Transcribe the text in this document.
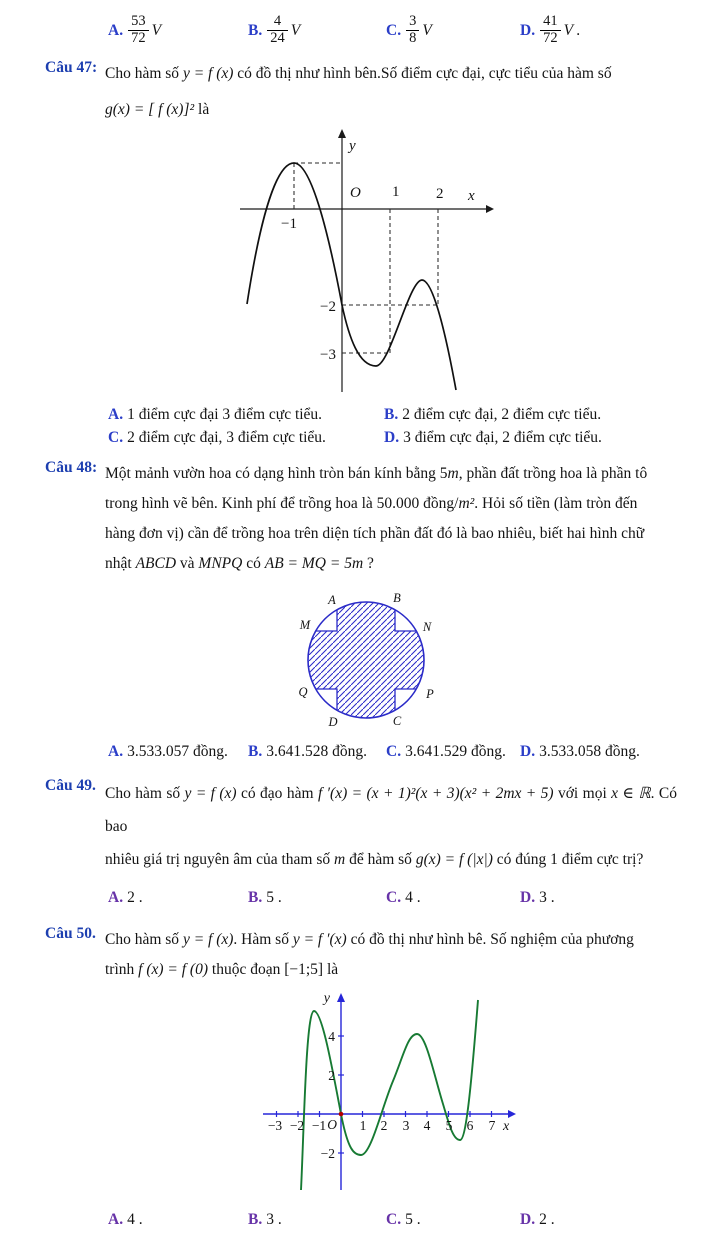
A. $\frac{53}{72}$ V	B. $\frac{4}{24}$ V	C. $\frac{3}{8}$ V	D. $\frac{41}{72}$ V .
Câu 47: Cho hàm số y = f (x) có đồ thị như hình bên.Số điểm cực đại, cực tiểu của hàm số

g(x) = [ f (x)]² là

y
O 1 2 x
−1
−2
−3
A. 1 điểm cực đại 3 điểm cực tiểu.	B. 2 điểm cực đại, 2 điểm cực tiểu.
C. 2 điểm cực đại, 3 điểm cực tiểu.	D. 3 điểm cực đại, 2 điểm cực tiểu.
Câu 48: Một mảnh vườn hoa có dạng hình tròn bán kính bằng 5m, phần đất trồng hoa là phần tô

trong hình vẽ bên. Kinh phí để trồng hoa là 50.000 đồng/m². Hỏi số tiền (làm tròn đến

hàng đơn vị) cần để trồng hoa trên diện tích phần đất đó là bao nhiêu, biết hai hình chữ

nhật ABCD và MNPQ có AB = MQ = 5m ?

A	B
M	N
Q	P
D	C
A. 3.533.057 đồng.	B. 3.641.528 đồng.	C. 3.641.529 đồng. D. 3.533.058 đồng.
Câu 49. Cho hàm số y = f (x) có đạo hàm f ′(x) = (x + 1)²(x + 3)(x² + 2mx + 5) với mọi x ∈ ℝ. Có bao

nhiêu giá trị nguyên âm của tham số m để hàm số g(x) = f (|x|) có đúng 1 điểm cực trị?

A. 2 .	B. 5 .	C. 4 .	D. 3 .
Câu 50. Cho hàm số y = f (x). Hàm số y = f ′(x) có đồ thị như hình bê. Số nghiệm của phương

trình f (x) = f (0) thuộc đoạn [−1;5] là

y
x
O
−3 −2 −1 1 2 3 4 5 6 7
4
2
−2
A. 4 .	B. 3 .	C. 5 .	D. 2 .
